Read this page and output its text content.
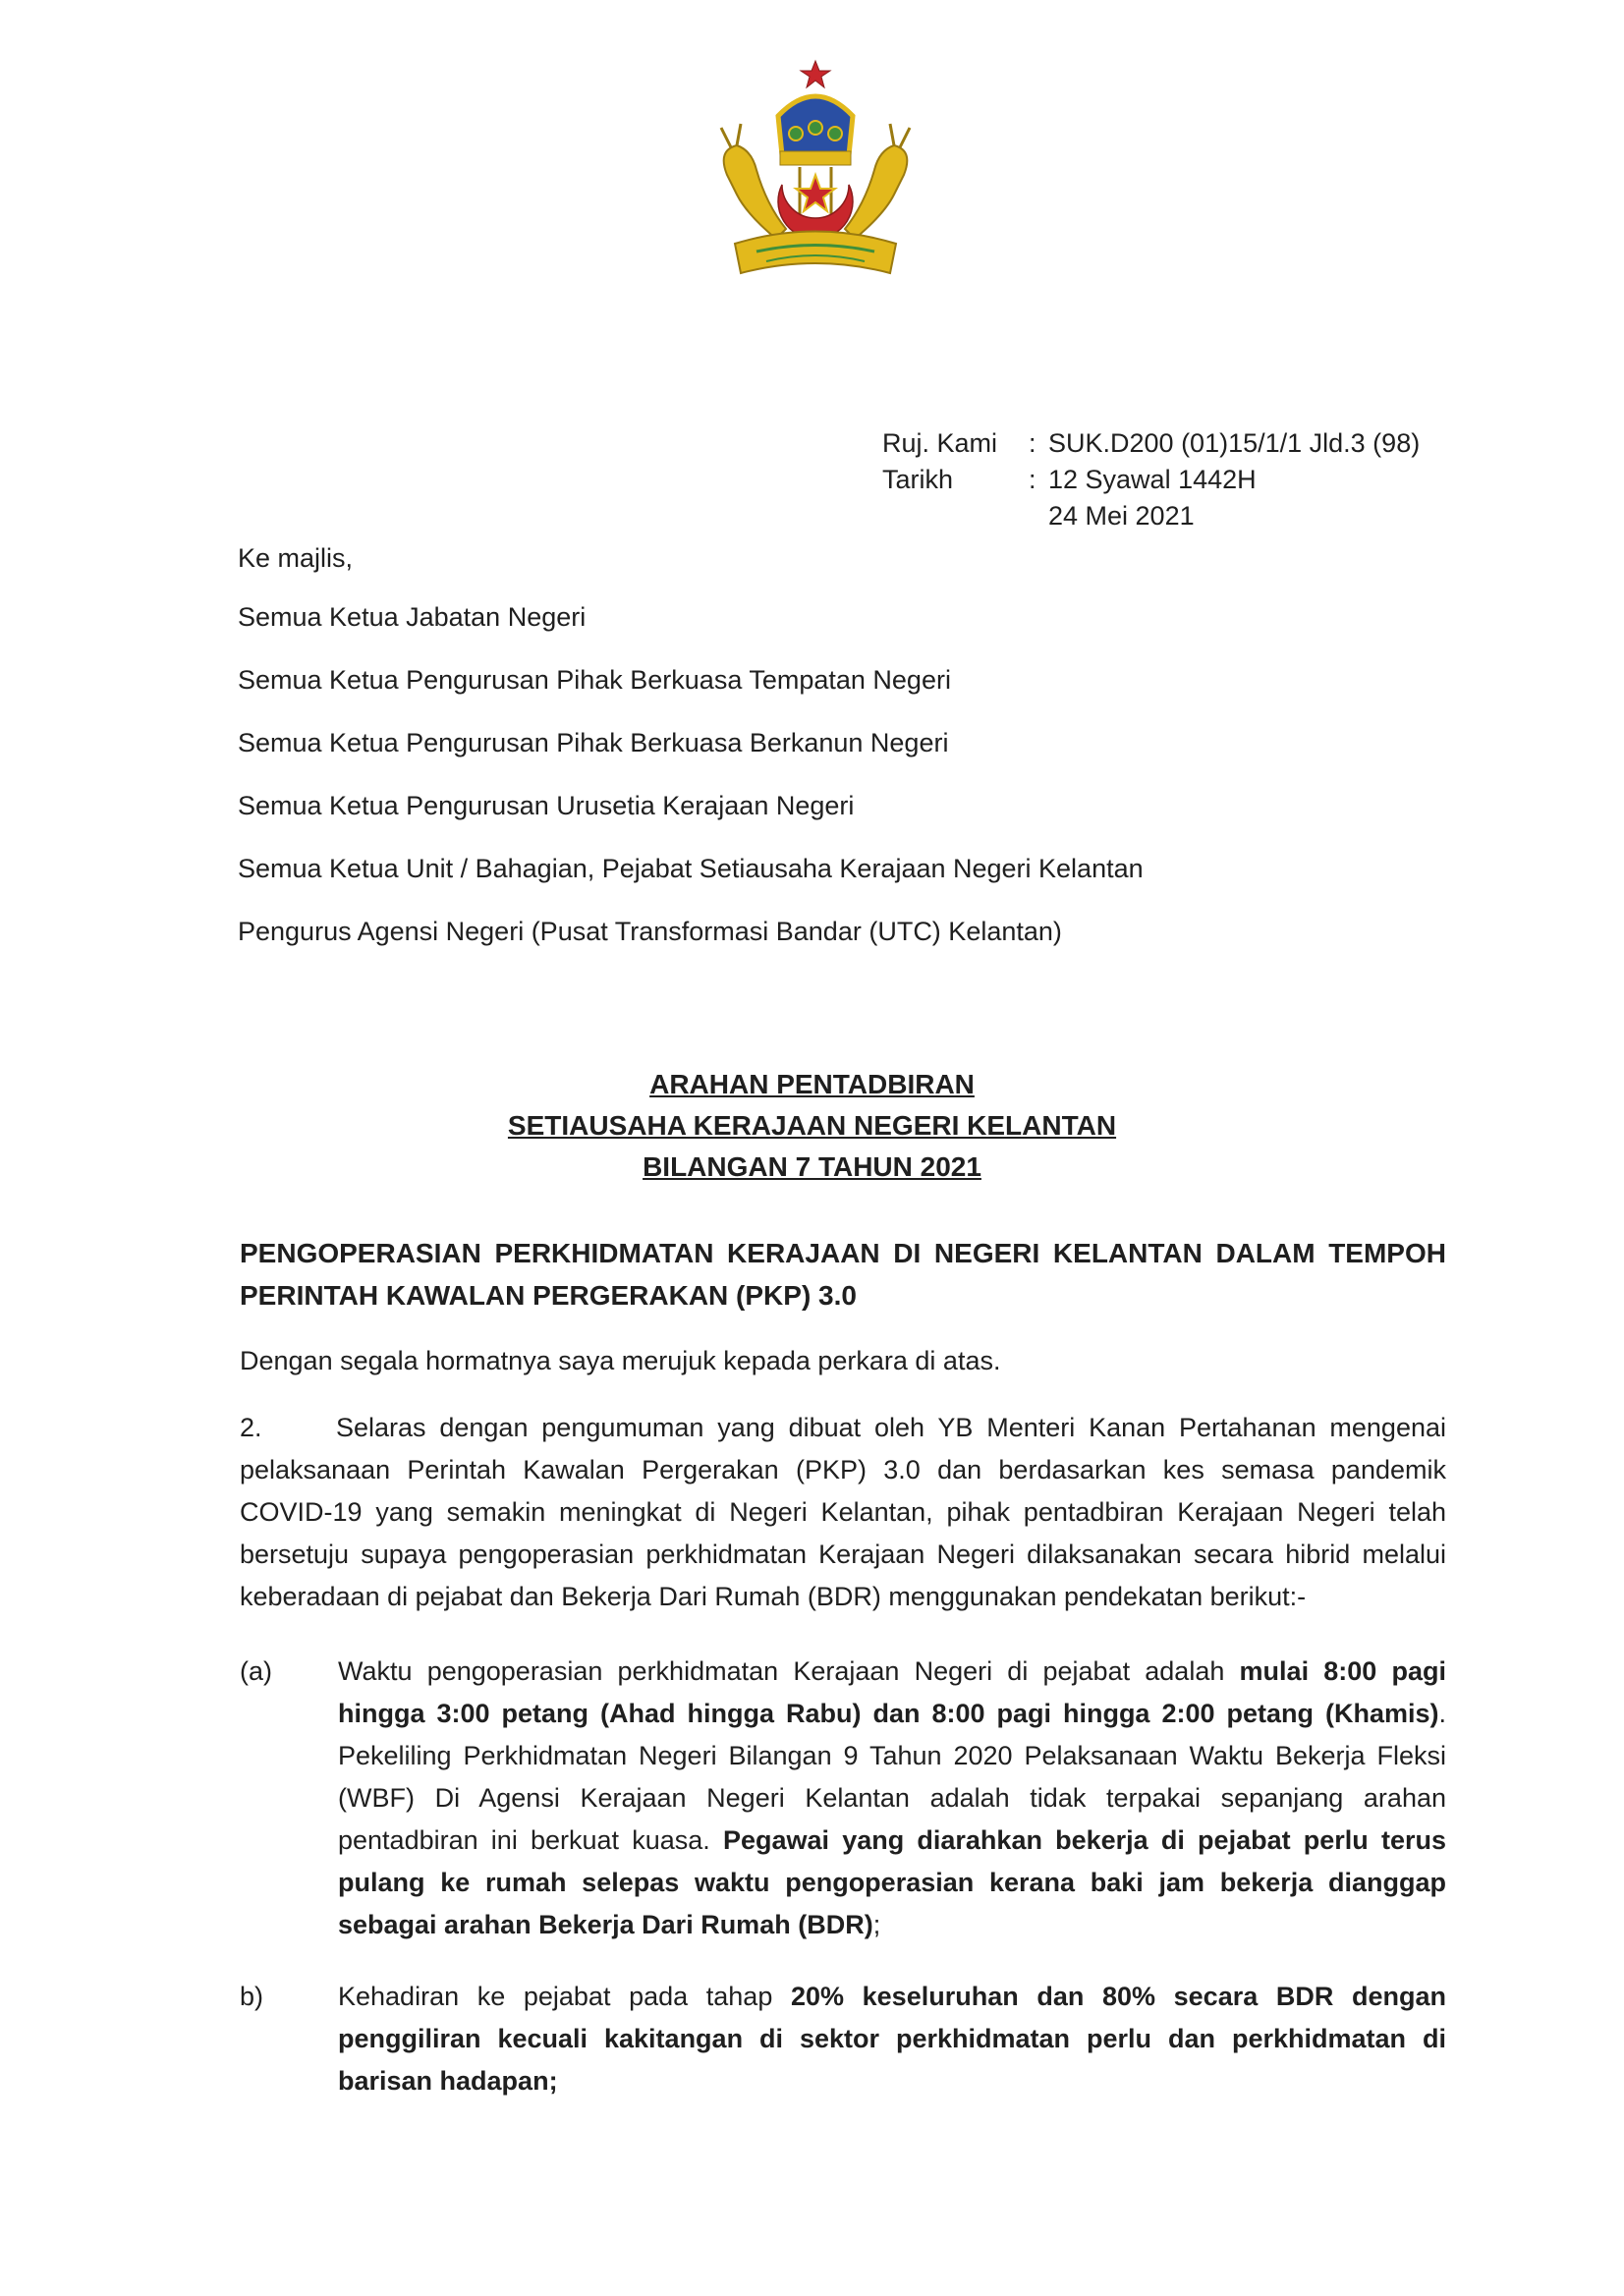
Ruj. Kami : SUK.D200 (01)15/1/1 Jld.3 (98)
Tarikh	: 12 Syawal 1442H
24 Mei 2021
Ke majlis,
Semua Ketua Jabatan Negeri
Semua Ketua Pengurusan Pihak Berkuasa Tempatan Negeri
Semua Ketua Pengurusan Pihak Berkuasa Berkanun Negeri
Semua Ketua Pengurusan Urusetia Kerajaan Negeri
Semua Ketua Unit / Bahagian, Pejabat Setiausaha Kerajaan Negeri Kelantan
Pengurus Agensi Negeri (Pusat Transformasi Bandar (UTC) Kelantan)
ARAHAN PENTADBIRAN
SETIAUSAHA KERAJAAN NEGERI KELANTAN
BILANGAN 7 TAHUN 2021
PENGOPERASIAN PERKHIDMATAN KERAJAAN DI NEGERI KELANTAN DALAM TEMPOH PERINTAH KAWALAN PERGERAKAN (PKP) 3.0
Dengan segala hormatnya saya merujuk kepada perkara di atas.
2.	Selaras dengan pengumuman yang dibuat oleh YB Menteri Kanan Pertahanan mengenai pelaksanaan Perintah Kawalan Pergerakan (PKP) 3.0 dan berdasarkan kes semasa pandemik COVID-19 yang semakin meningkat di Negeri Kelantan, pihak pentadbiran Kerajaan Negeri telah bersetuju supaya pengoperasian perkhidmatan Kerajaan Negeri dilaksanakan secara hibrid melalui keberadaan di pejabat dan Bekerja Dari Rumah (BDR) menggunakan pendekatan berikut:-
(a) Waktu pengoperasian perkhidmatan Kerajaan Negeri di pejabat adalah mulai 8:00 pagi hingga 3:00 petang (Ahad hingga Rabu) dan 8:00 pagi hingga 2:00 petang (Khamis). Pekeliling Perkhidmatan Negeri Bilangan 9 Tahun 2020 Pelaksanaan Waktu Bekerja Fleksi (WBF) Di Agensi Kerajaan Negeri Kelantan adalah tidak terpakai sepanjang arahan pentadbiran ini berkuat kuasa. Pegawai yang diarahkan bekerja di pejabat perlu terus pulang ke rumah selepas waktu pengoperasian kerana baki jam bekerja dianggap sebagai arahan Bekerja Dari Rumah (BDR);
b)	Kehadiran ke pejabat pada tahap 20% keseluruhan dan 80% secara BDR dengan penggiliran kecuali kakitangan di sektor perkhidmatan perlu dan perkhidmatan di barisan hadapan;
